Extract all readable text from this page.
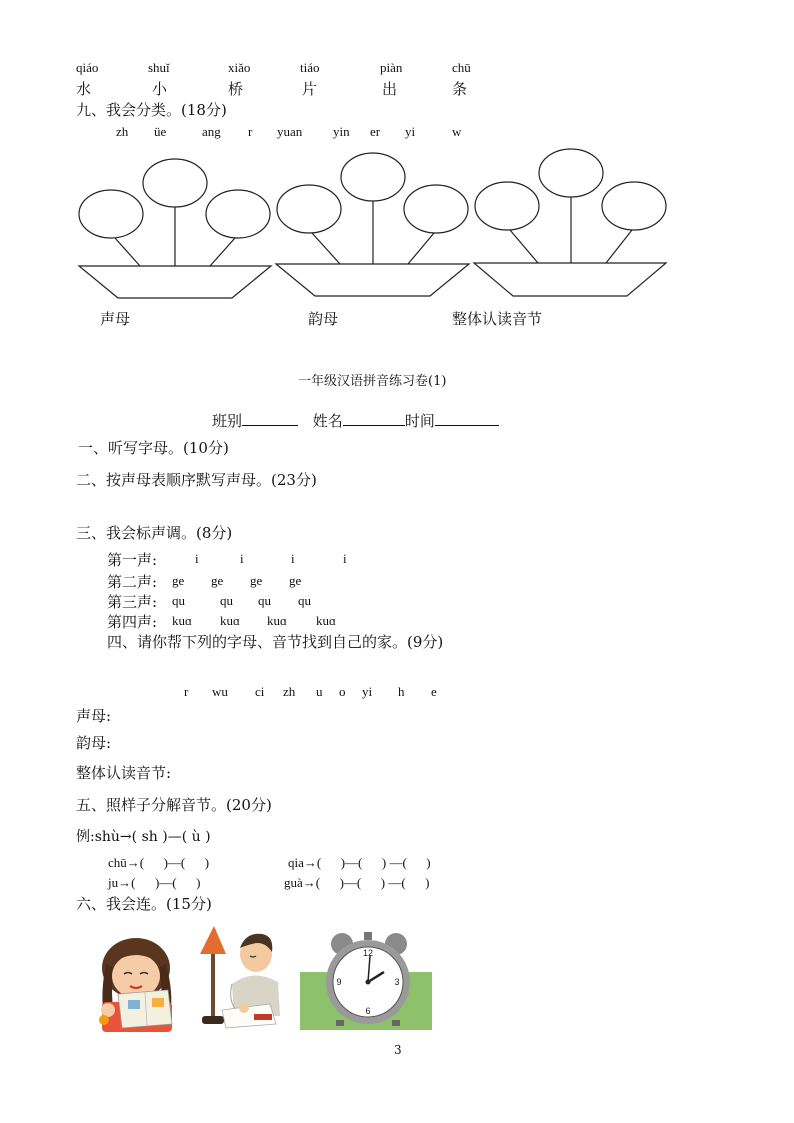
qiáo	shuǐ	xiǎo	tiáo	piàn	chū
水	小	桥	片	出	条
九、我会分类。(18分)
zh üe	ang r yuan yin er yi	w
声母	韵母	整体认读音节
一年级汉语拼音练习卷(1)
班别	姓名	时间
一、听写字母。(10分)
二、按声母表顺序默写声母。(23分)
三、我会标声调。(8分)
第一声:	i	i	i	i
第二声: ge ge ge ge
第三声: qu	qu qu qu
第四声: kuɑ kuɑ kuɑ kuɑ
四、请你帮下列的字母、音节找到自己的家。(9分)
r wu ci zh u o yi h e
声母:
韵母:
整体认读音节:
五、照样子分解音节。(20分)
例:shù→( sh )—( ù )
chū→(      )—(      )	qia→(      )—(      ) —(      )
ju→(      )—(      )	guà→(      )—(      ) —(      )
六、我会连。(15分)
12
3
6
9
3
